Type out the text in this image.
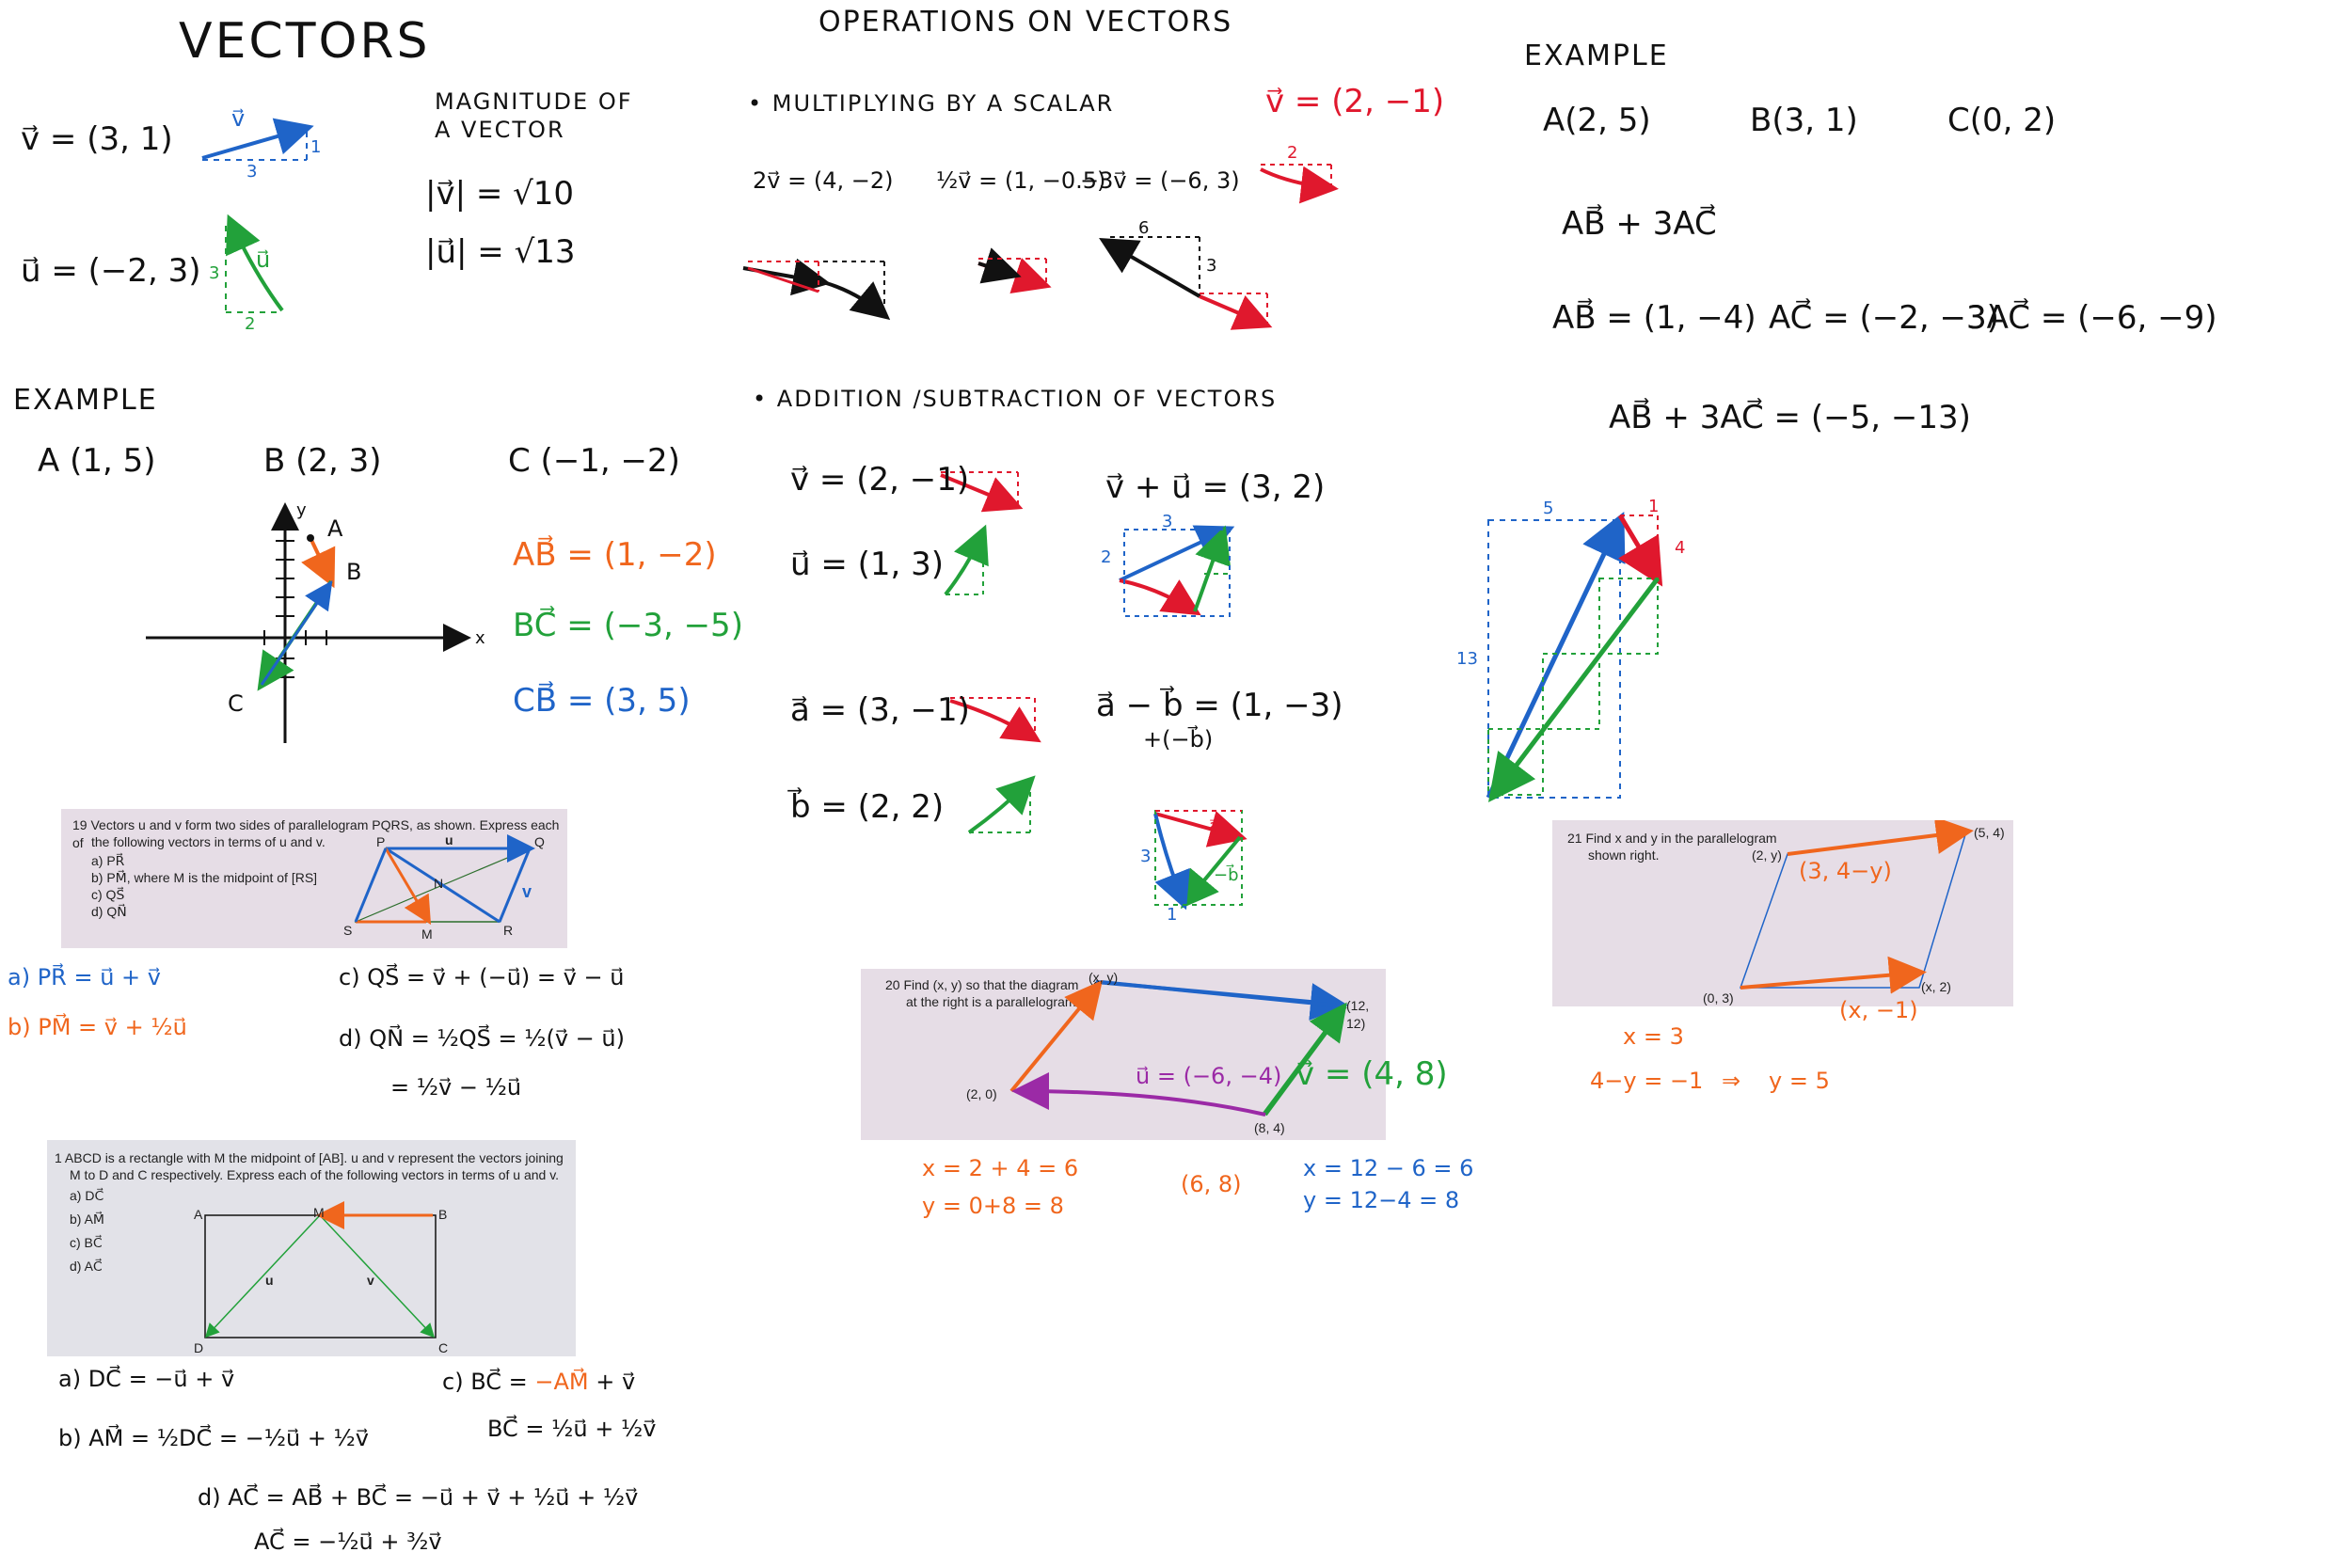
VECTORS	OPERATIONS ON VECTORS
EXAMPLE
EXAMPLE
MAGNITUDE OF
A VECTOR
• MULTIPLYING BY A SCALAR
• ADDITION /SUBTRACTION OF VECTORS
v⃗ = (3, 1)
u⃗ = (−2, 3)
|v⃗| = √10
|u⃗| = √13
v⃗
3
1
u⃗
3
2
v⃗ = (2, −1)
2v⃗ = (4, −2) ½v⃗ = (1, −0.5)
−3v⃗ = (−6, 3)
2
6
3
A (1, 5)	B (2, 3)	C (−1, −2)
AB⃗ = (1, −2)
BC⃗ = (−3, −5)
CB⃗ = (3, 5)
y
x
A
B
C
v⃗ = (2, −1)
u⃗ = (1, 3)
v⃗ + u⃗ = (3, 2)
a⃗ = (3, −1)
b⃗ = (2, 2)
a⃗ − b⃗ = (1, −3)
+(−b⃗)
3
2
3
1
a⃗
−b⃗
A(2, 5)	B(3, 1)	C(0, 2)
AB⃗ + 3AC⃗
AB⃗ = (1, −4) AC⃗ = (−2, −3)
3AC⃗ = (−6, −9)
AB⃗ + 3AC⃗ = (−5, −13)
5	1
4
13
19 Vectors u and v form two sides of parallelogram PQRS, as shown. Express each of the following vectors in terms of u and v.
a) PR⃗
b) PM⃗, where M is the midpoint of [RS]
c) QS⃗
d) QN⃗
P	Q
S	R
M
N
u
v
a) PR⃗ = u⃗ + v⃗
b) PM⃗ = v⃗ + ½u⃗
c) QS⃗ = v⃗ + (−u⃗) = v⃗ − u⃗
d) QN⃗ = ½QS⃗ = ½(v⃗ − u⃗)
= ½v⃗ − ½u⃗
1 ABCD is a rectangle with M the midpoint of [AB]. u and v represent the vectors joining
M to D and C respectively. Express each of the following vectors in terms of u and v.
a) DC⃗
b) AM⃗
c) BC⃗
d) AC⃗
A	M	B
D	C
u	v
a) DC⃗ = −u⃗ + v⃗
b) AM⃗ = ½DC⃗ = −½u⃗ + ½v⃗
c) BC⃗ = −AM⃗ + v⃗
BC⃗ = ½u⃗ + ½v⃗
d) AC⃗ = AB⃗ + BC⃗ = −u⃗ + v⃗ + ½u⃗ + ½v⃗
AC⃗ = −½u⃗ + ³⁄₂v⃗
20 Find (x, y) so that the diagram
at the right is a parallelogram.
(x, y)
(12, 12)
(2, 0)
(8, 4)
u⃗ = (−6, −4) v⃗ = (4, 8)
x = 2 + 4 = 6
y = 0+8 = 8
(6, 8)
x = 12 − 6 = 6
y = 12−4 = 8
21 Find x and y in the parallelogram
shown right.	(2, y)
(5, 4)
(0, 3)
(x, 2)
(3, 4−y)
(x, −1)
x = 3
4−y = −1 ⇒ y = 5
